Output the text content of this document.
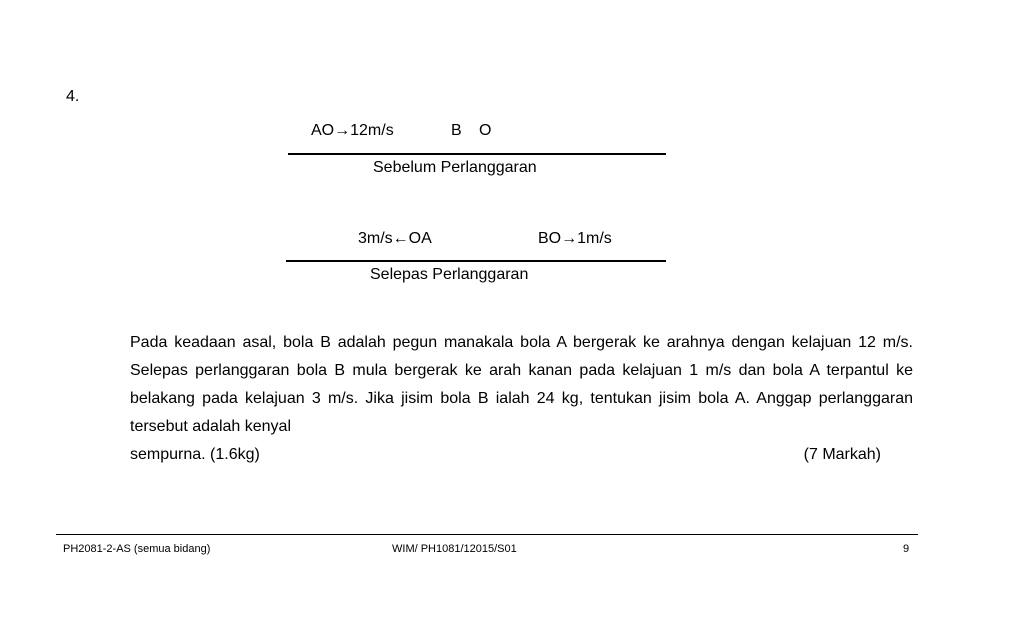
4.
AO→12m/s	B O
Sebelum Perlanggaran
3m/s←OA	BO→1m/s
Selepas Perlanggaran

Pada keadaan asal, bola B adalah pegun manakala bola A bergerak ke arahnya dengan kelajuan 12 m/s. Selepas perlanggaran bola B mula bergerak ke arah kanan pada kelajuan 1 m/s dan bola A terpantul ke belakang pada kelajuan 3 m/s. Jika jisim bola B ialah 24 kg, tentukan jisim bola A. Anggap perlanggaran tersebut adalah kenyal

sempurna. (1.6kg)	(7 Markah)
PH2081-2-AS (semua bidang)	WIM/ PH1081/12015/S01	9
